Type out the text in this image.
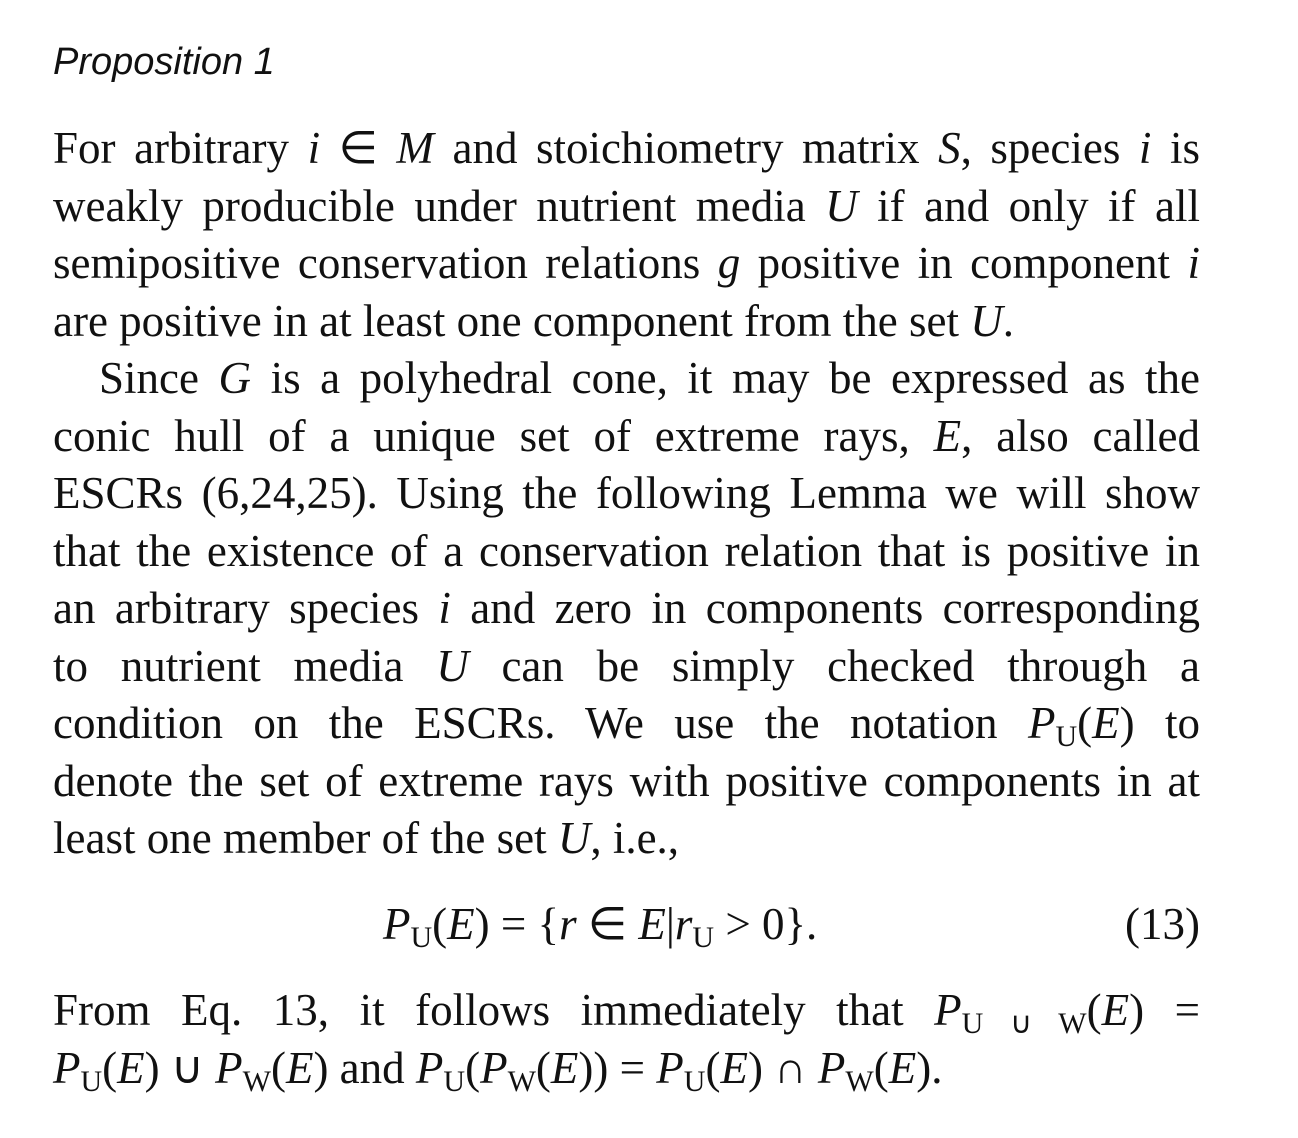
Proposition 1
For arbitrary i ∈ M and stoichiometry matrix S, species i is
weakly producible under nutrient media U if and only if all
semipositive conservation relations g positive in component i
are positive in at least one component from the set U.
Since G is a polyhedral cone, it may be expressed as the
conic hull of a unique set of extreme rays, E, also called
ESCRs (6,24,25). Using the following Lemma we will show
that the existence of a conservation relation that is positive in
an arbitrary species i and zero in components corresponding
to nutrient media U can be simply checked through a
condition on the ESCRs. We use the notation $P_U(E)$ to
denote the set of extreme rays with positive components in at
least one member of the set U, i.e.,
$P_U(E) = \{r$ ∈ $E|r_U > 0$}.	(13)
From Eq. 13, it follows immediately that $P_{U \cup W}(E)$ =
$P_U(E)$ ∪ $P_W(E)$ and $P_U(P_W(E)) = P_U(E)$ ∩ $P_W(E)$.
